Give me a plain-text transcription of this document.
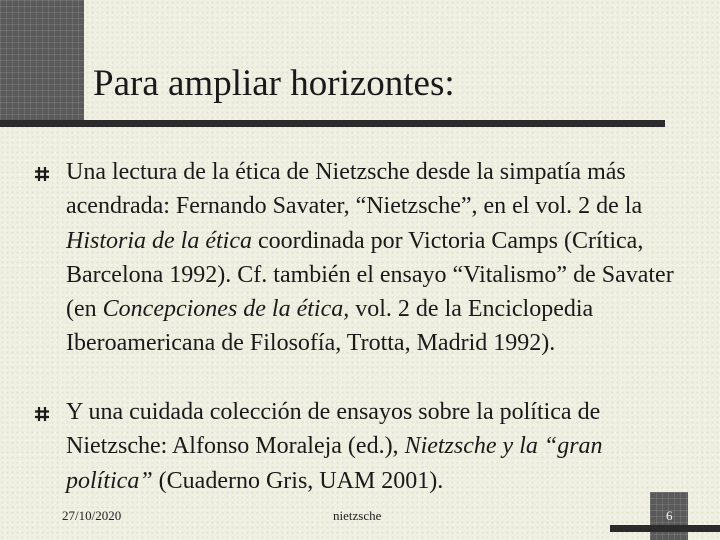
Para ampliar horizontes:
Una lectura de la ética de Nietzsche desde la simpatía más acendrada: Fernando Savater, “Nietzsche”, en el vol. 2 de la Historia de la ética coordinada por Victoria Camps (Crítica, Barcelona 1992). Cf. también el ensayo “Vitalismo” de Savater (en Concepciones de la ética, vol. 2 de la Enciclopedia Iberoamericana de Filosofía, Trotta, Madrid 1992).
Y una cuidada colección de ensayos sobre la política de Nietzsche: Alfonso Moraleja (ed.), Nietzsche y la “gran política” (Cuaderno Gris, UAM 2001).
27/10/2020	nietzsche	6
